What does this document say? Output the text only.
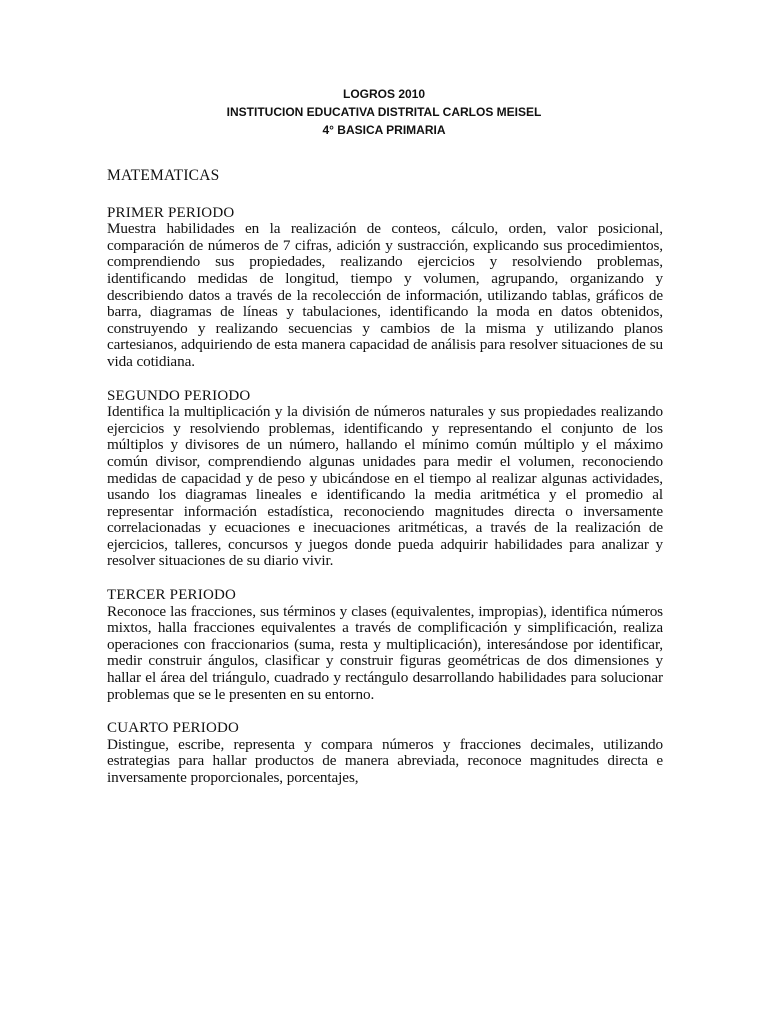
LOGROS 2010
INSTITUCION EDUCATIVA DISTRITAL CARLOS MEISEL
4° BASICA PRIMARIA
MATEMATICAS
PRIMER PERIODO
Muestra habilidades en la realización de conteos, cálculo, orden, valor posicional, comparación de números de 7 cifras, adición y sustracción, explicando sus procedimientos, comprendiendo sus propiedades, realizando ejercicios y resolviendo problemas, identificando medidas de longitud, tiempo y volumen, agrupando, organizando y describiendo datos a través de la recolección de información, utilizando tablas, gráficos de barra, diagramas de líneas y tabulaciones, identificando la moda en datos obtenidos, construyendo y realizando secuencias y cambios de la misma y utilizando planos cartesianos, adquiriendo de esta manera capacidad de análisis para resolver situaciones de su vida cotidiana.
SEGUNDO PERIODO
Identifica la multiplicación y la división de números naturales y sus propiedades realizando ejercicios y resolviendo problemas, identificando y representando el conjunto de los múltiplos y divisores de un número, hallando el mínimo común múltiplo y el máximo común divisor, comprendiendo algunas unidades para medir el volumen, reconociendo medidas de capacidad y de peso y ubicándose en el tiempo al realizar algunas actividades, usando los diagramas lineales e identificando la media aritmética y el promedio al representar información estadística, reconociendo magnitudes directa o inversamente correlacionadas y ecuaciones e inecuaciones aritméticas, a través de la realización de ejercicios, talleres, concursos y juegos donde pueda adquirir habilidades para analizar y resolver situaciones de su diario vivir.
TERCER PERIODO
Reconoce las fracciones, sus términos y clases (equivalentes, impropias), identifica números mixtos, halla fracciones equivalentes a través de complificación y simplificación, realiza operaciones con fraccionarios (suma, resta y multiplicación), interesándose por identificar, medir construir ángulos, clasificar y construir figuras geométricas de dos dimensiones y hallar el área del triángulo, cuadrado y rectángulo desarrollando habilidades para solucionar problemas que se le presenten en su entorno.
CUARTO PERIODO
Distingue, escribe, representa y compara números y fracciones decimales, utilizando estrategias para hallar productos de manera abreviada, reconoce magnitudes directa e inversamente proporcionales, porcentajes,
